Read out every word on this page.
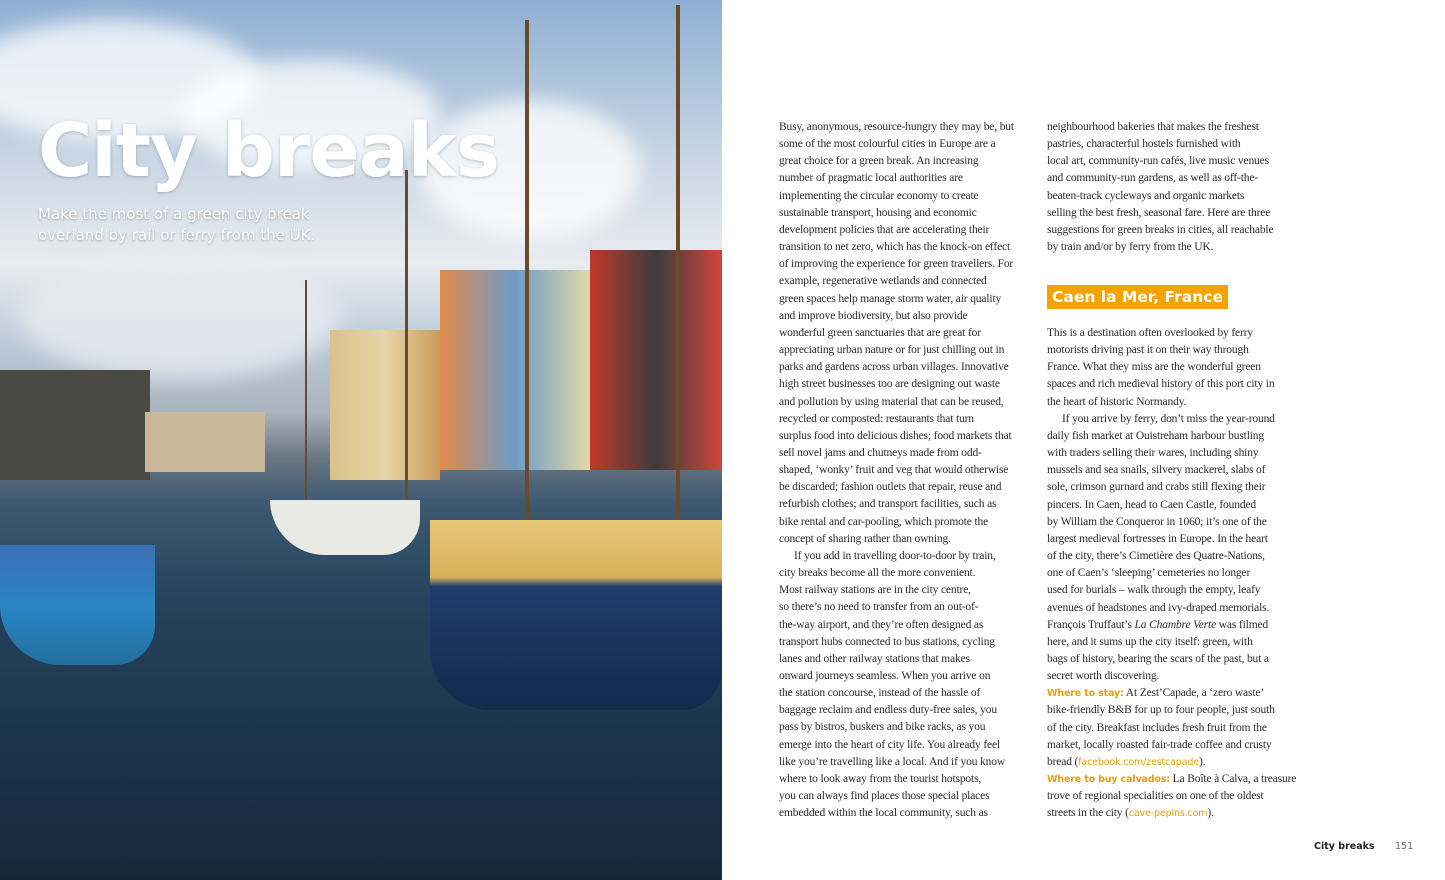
City breaks
Make the most of a green city break overland by rail or ferry from the UK.
Busy, anonymous, resource-hungry they may be, but
some of the most colourful cities in Europe are a
great choice for a green break. An increasing
number of pragmatic local authorities are
implementing the circular economy to create
sustainable transport, housing and economic
development policies that are accelerating their
transition to net zero, which has the knock-on effect
of improving the experience for green travellers. For
example, regenerative wetlands and connected
green spaces help manage storm water, air quality
and improve biodiversity, but also provide
wonderful green sanctuaries that are great for
appreciating urban nature or for just chilling out in
parks and gardens across urban villages. Innovative
high street businesses too are designing out waste
and pollution by using material that can be reused,
recycled or composted: restaurants that turn
surplus food into delicious dishes; food markets that
sell novel jams and chutneys made from odd-
shaped, ‘wonky’ fruit and veg that would otherwise
be discarded; fashion outlets that repair, reuse and
refurbish clothes; and transport facilities, such as
bike rental and car-pooling, which promote the
concept of sharing rather than owning.
If you add in travelling door-to-door by train,
city breaks become all the more convenient.
Most railway stations are in the city centre,
so there’s no need to transfer from an out-of-
the-way airport, and they’re often designed as
transport hubs connected to bus stations, cycling
lanes and other railway stations that makes
onward journeys seamless. When you arrive on
the station concourse, instead of the hassle of
baggage reclaim and endless duty-free sales, you
pass by bistros, buskers and bike racks, as you
emerge into the heart of city life. You already feel
like you’re travelling like a local. And if you know
where to look away from the tourist hotspots,
you can always find places those special places
embedded within the local community, such as
neighbourhood bakeries that makes the freshest
pastries, characterful hostels furnished with
local art, community-run cafés, live music venues
and community-run gardens, as well as off-the-
beaten-track cycleways and organic markets
selling the best fresh, seasonal fare. Here are three
suggestions for green breaks in cities, all reachable
by train and/or by ferry from the UK.
Caen la Mer, France
This is a destination often overlooked by ferry
motorists driving past it on their way through
France. What they miss are the wonderful green
spaces and rich medieval history of this port city in
the heart of historic Normandy.
If you arrive by ferry, don’t miss the year-round
daily fish market at Ouistreham harbour bustling
with traders selling their wares, including shiny
mussels and sea snails, silvery mackerel, slabs of
sole, crimson gurnard and crabs still flexing their
pincers. In Caen, head to Caen Castle, founded
by William the Conqueror in 1060; it’s one of the
largest medieval fortresses in Europe. In the heart
of the city, there’s Cimetière des Quatre-Nations,
one of Caen’s ‘sleeping’ cemeteries no longer
used for burials – walk through the empty, leafy
avenues of headstones and ivy-draped memorials.
François Truffaut’s La Chambre Verte was filmed
here, and it sums up the city itself: green, with
bags of history, bearing the scars of the past, but a
secret worth discovering.
Where to stay: At Zest’Capade, a ‘zero waste’
bike-friendly B&B for up to four people, just south
of the city. Breakfast includes fresh fruit from the
market, locally roasted fair-trade coffee and crusty
bread (facebook.com/zestcapade).
Where to buy calvados: La Boîte à Calva, a treasure
trove of regional specialities on one of the oldest
streets in the city (cave-pepins.com).
City breaks 151
